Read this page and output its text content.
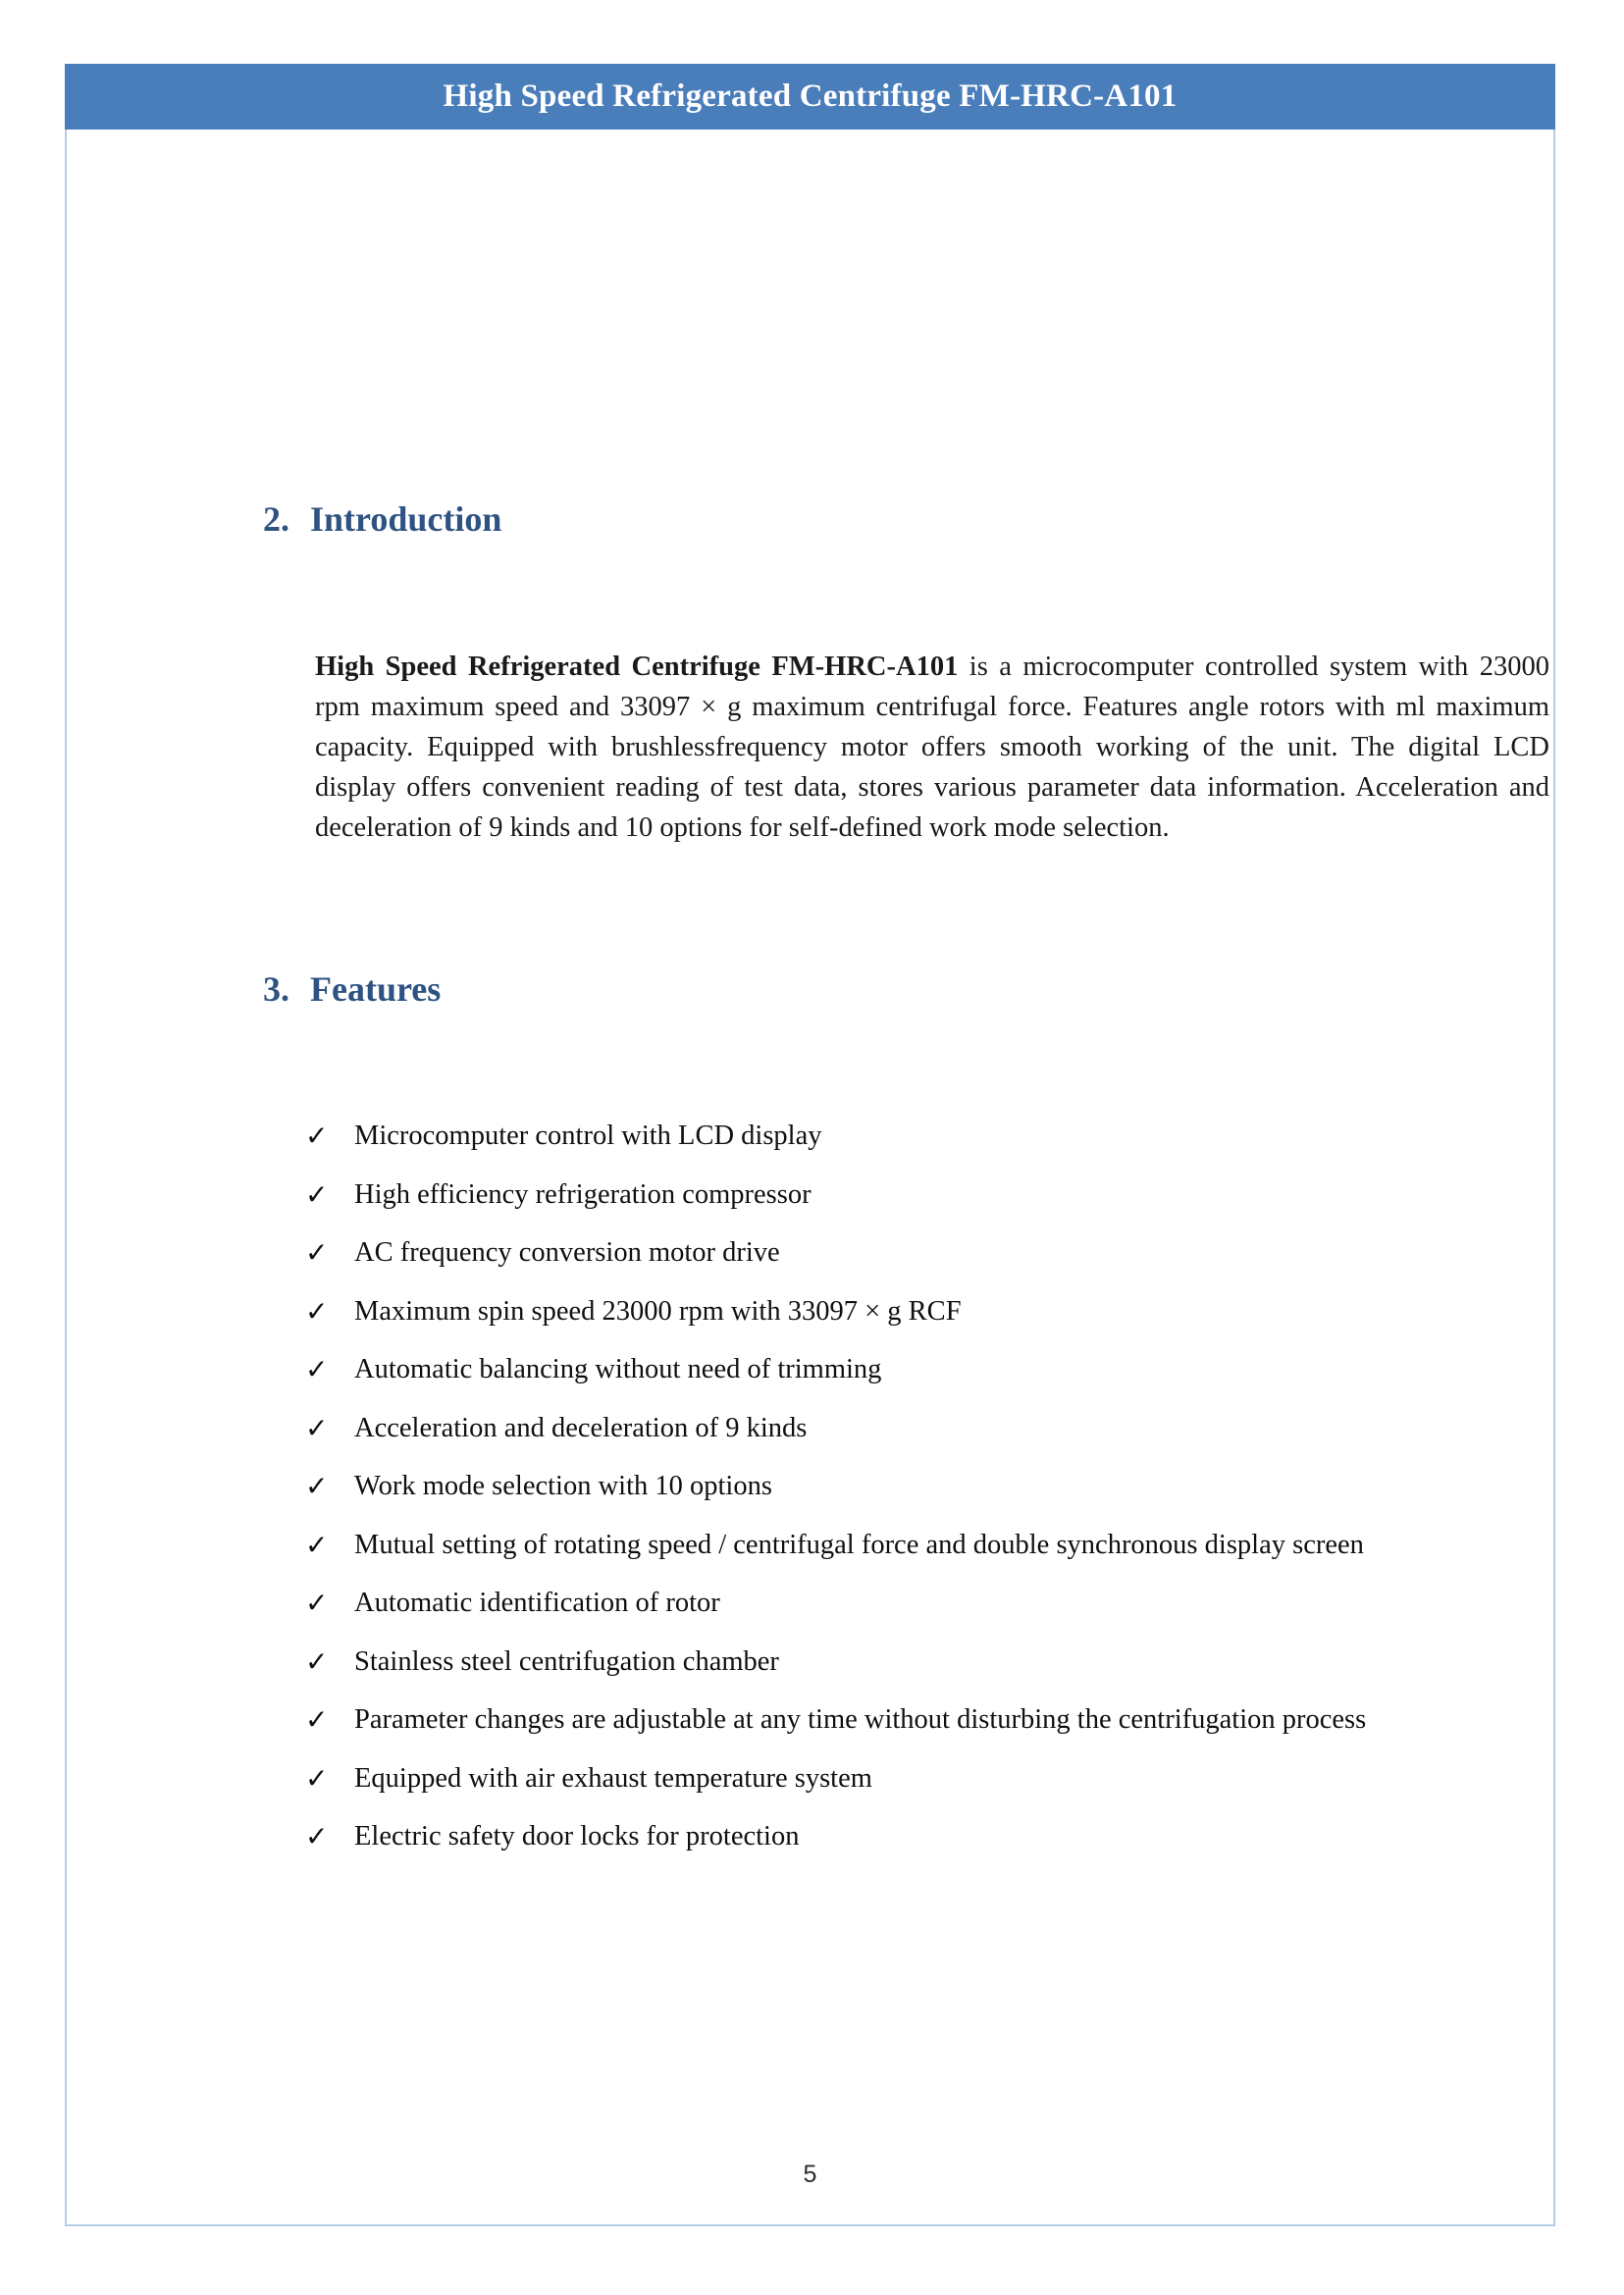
High Speed Refrigerated Centrifuge FM-HRC-A101
2. Introduction

High Speed Refrigerated Centrifuge FM-HRC-A101 is a microcomputer controlled system with 23000 rpm maximum speed and 33097 × g maximum centrifugal force. Features angle rotors with ml maximum capacity. Equipped with brushlessfrequency motor offers smooth working of the unit. The digital LCD display offers convenient reading of test data, stores various parameter data information. Acceleration and deceleration of 9 kinds and 10 options for self-defined work mode selection.

3. Features
✓ Microcomputer control with LCD display
✓ High efficiency refrigeration compressor
✓ AC frequency conversion motor drive
✓ Maximum spin speed 23000 rpm with 33097 × g RCF
✓ Automatic balancing without need of trimming
✓ Acceleration and deceleration of 9 kinds
✓ Work mode selection with 10 options
✓ Mutual setting of rotating speed / centrifugal force and double synchronous display screen
✓ Automatic identification of rotor
✓ Stainless steel centrifugation chamber
✓ Parameter changes are adjustable at any time without disturbing the centrifugation process
✓ Equipped with air exhaust temperature system
✓ Electric safety door locks for protection
5
